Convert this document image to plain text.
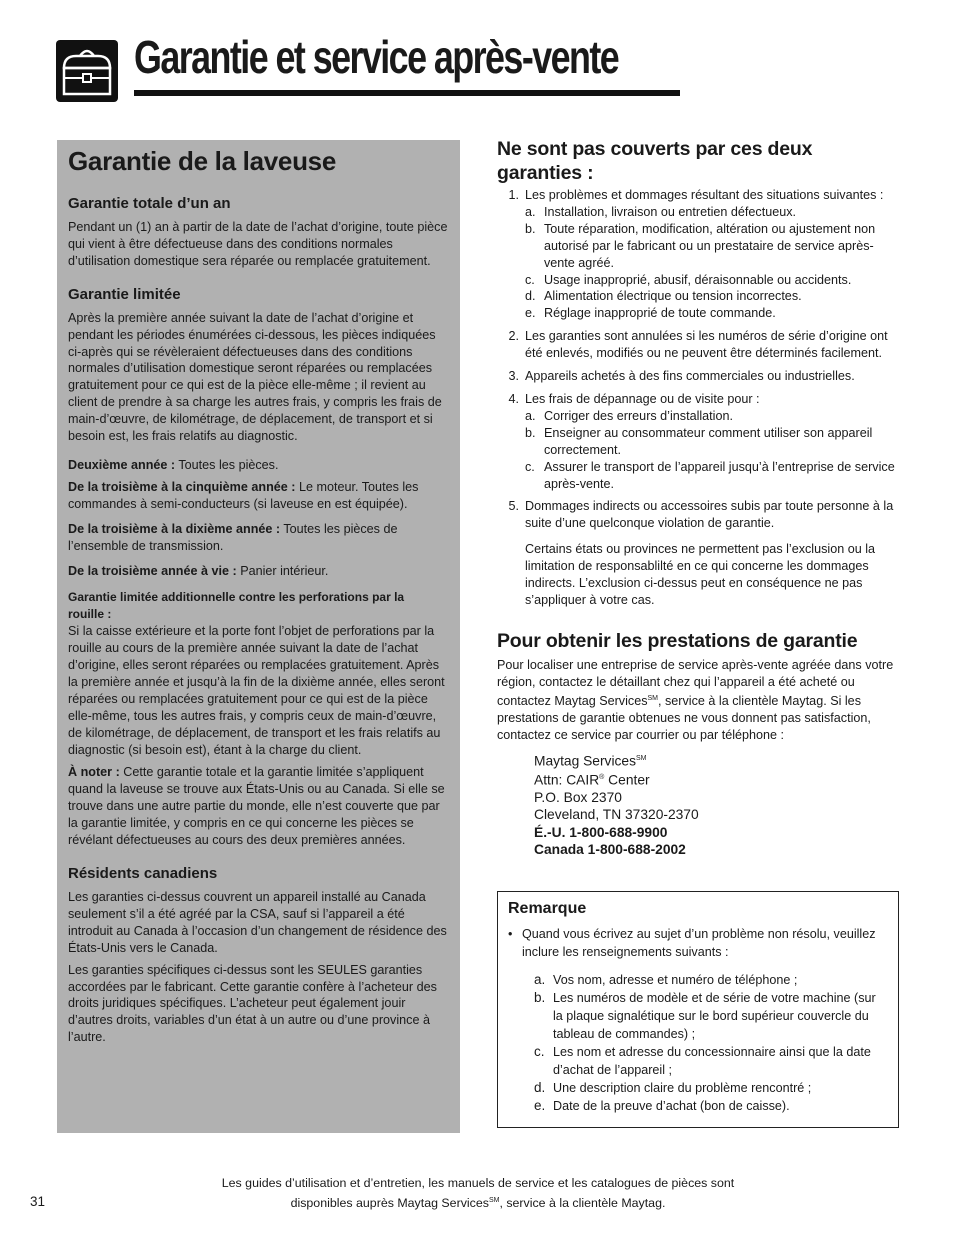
Garantie et service après-vente
Garantie de la laveuse
Garantie totale d’un an

Pendant un (1) an à partir de la date de l’achat d’origine, toute pièce qui vient à être défectueuse dans des conditions normales d’utilisation domestique sera réparée ou remplacée gratuitement.

Garantie limitée

Après la première année suivant la date de l’achat d’origine et pendant les périodes énumérées ci-dessous, les pièces indiquées ci-après qui se révèleraient défectueuses dans des conditions normales d’utilisation domestique seront réparées ou remplacées gratuitement pour ce qui est de la pièce elle-même ; il revient au client de prendre à sa charge les autres frais, y compris les frais de main-d’œuvre, de kilométrage, de déplacement, de transport et si besoin est, les frais relatifs au diagnostic.

Deuxième année : Toutes les pièces.

De la troisième à la cinquième année : Le moteur. Toutes les commandes à semi-conducteurs (si laveuse en est équipée).

De la troisième à la dixième année : Toutes les pièces de l’ensemble de transmission.

De la troisième année à vie : Panier intérieur.

Garantie limitée additionnelle contre les perforations par la rouille :

Si la caisse extérieure et la porte font l’objet de perforations par la rouille au cours de la première année suivant la date de l’achat d’origine, elles seront réparées ou remplacées gratuitement. Après la première année et jusqu’à la fin de la dixième année, elles seront réparées ou remplacées gratuitement pour ce qui est de la pièce elle-même, tous les autres frais, y compris ceux de main-d’œuvre, de kilométrage, de déplacement, de transport et les frais relatifs au diagnostic (si besoin est), étant à la charge du client.

À noter : Cette garantie totale et la garantie limitée s’appliquent quand la laveuse se trouve aux États-Unis ou au Canada. Si elle se trouve dans une autre partie du monde, elle n’est couverte que par la garantie limitée, y compris en ce qui concerne les pièces se révélant défectueuses au cours des deux premières années.

Résidents canadiens

Les garanties ci-dessus couvrent un appareil installé au Canada seulement s’il a été agréé par la CSA, sauf si l’appareil a été introduit au Canada à l’occasion d’un changement de résidence des États-Unis vers le Canada.

Les garanties spécifiques ci-dessus sont les SEULES garanties accordées par le fabricant. Cette garantie confère à l’acheteur des droits juridiques spécifiques. L’acheteur peut également jouir d’autres droits, variables d’un état à un autre ou d’une province à l’autre.

Ne sont pas couverts par ces deux garanties :
1. Les problèmes et dommages résultant des situations suivantes :
a. Installation, livraison ou entretien défectueux.
b. Toute réparation, modification, altération ou ajustement non autorisé par le fabricant ou un prestataire de service après-vente agréé.
c. Usage inapproprié, abusif, déraisonnable ou accidents.
d. Alimentation électrique ou tension incorrectes.
e. Réglage inapproprié de toute commande.
2. Les garanties sont annulées si les numéros de série d’origine ont été enlevés, modifiés ou ne peuvent être déterminés facilement.
3. Appareils achetés à des fins commerciales ou industrielles.
4. Les frais de dépannage ou de visite pour :
a. Corriger des erreurs d’installation.
b. Enseigner au consommateur comment utiliser son appareil correctement.
c. Assurer le transport de l’appareil jusqu’à l’entreprise de service après-vente.
5. Dommages indirects ou accessoires subis par toute personne à la suite d’une quelconque violation de garantie.
Certains états ou provinces ne permettent pas l’exclusion ou la limitation de responsablilté en ce qui concerne les dommages indirects. L’exclusion ci-dessus peut en conséquence ne pas s’appliquer à votre cas.
Pour obtenir les prestations de garantie

Pour localiser une entreprise de service après-vente agréée dans votre région, contactez le détaillant chez qui l’appareil a été acheté ou contactez Maytag Services℠, service à la clientèle Maytag. Si les prestations de garantie obtenues ne vous donnent pas satisfaction, contactez ce service par courrier ou par téléphone :

Maytag Services℠
Attn: CAIR® Center
P.O. Box 2370
Cleveland, TN 37320-2370
É.-U. 1-800-688-9900
Canada 1-800-688-2002
Remarque
• Quand vous écrivez au sujet d’un problème non résolu, veuillez inclure les renseignements suivants :
a. Vos nom, adresse et numéro de téléphone ;
b. Les numéros de modèle et de série de votre machine (sur la plaque signalétique sur le bord supérieur couvercle du tableau de commandes) ;
c. Les nom et adresse du concessionnaire ainsi que la date d’achat de l’appareil ;
d. Une description claire du problème rencontré ;
e. Date de la preuve d’achat (bon de caisse).
Les guides d’utilisation et d’entretien, les manuels de service et les catalogues de pièces sont
disponibles auprès Maytag Services℠, service à la clientèle Maytag.
31
